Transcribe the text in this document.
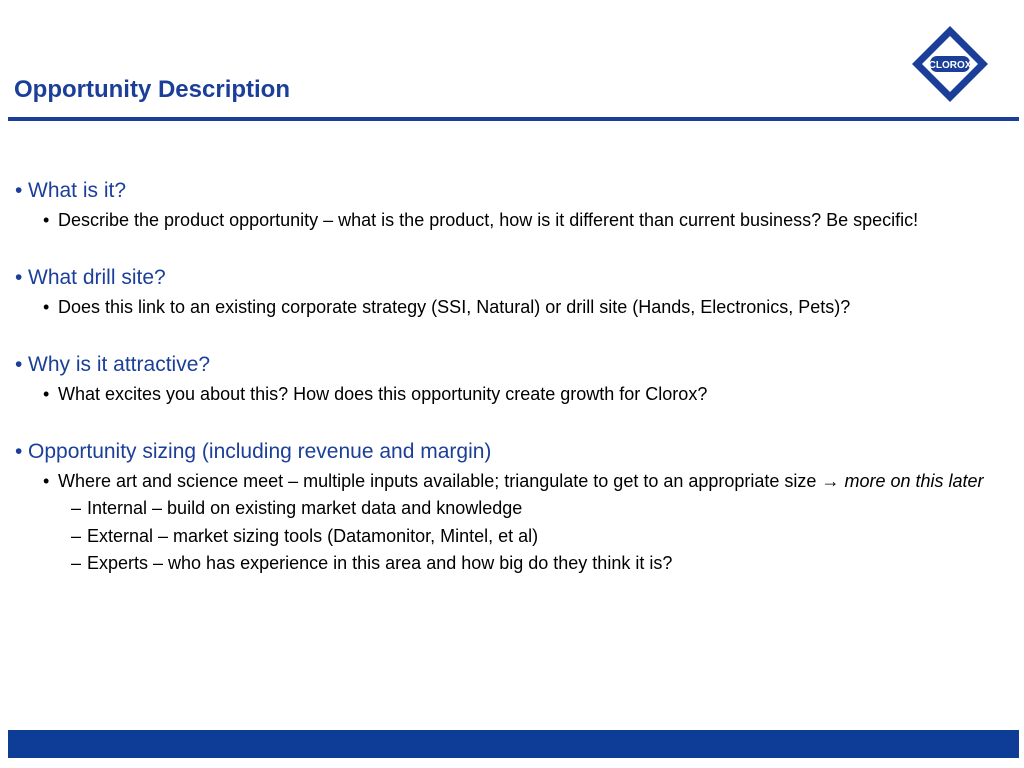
Opportunity Description
CLOROX
• What is it?
• Describe the product opportunity – what is the product, how is it different than current business? Be specific!
• What drill site?
• Does this link to an existing corporate strategy (SSI, Natural) or drill site (Hands, Electronics, Pets)?
• Why is it attractive?
• What excites you about this? How does this opportunity create growth for Clorox?
• Opportunity sizing (including revenue and margin)
• Where art and science meet – multiple inputs available; triangulate to get to an appropriate size → more on this later
– Internal – build on existing market data and knowledge
– External – market sizing tools (Datamonitor, Mintel, et al)
– Experts – who has experience in this area and how big do they think it is?
